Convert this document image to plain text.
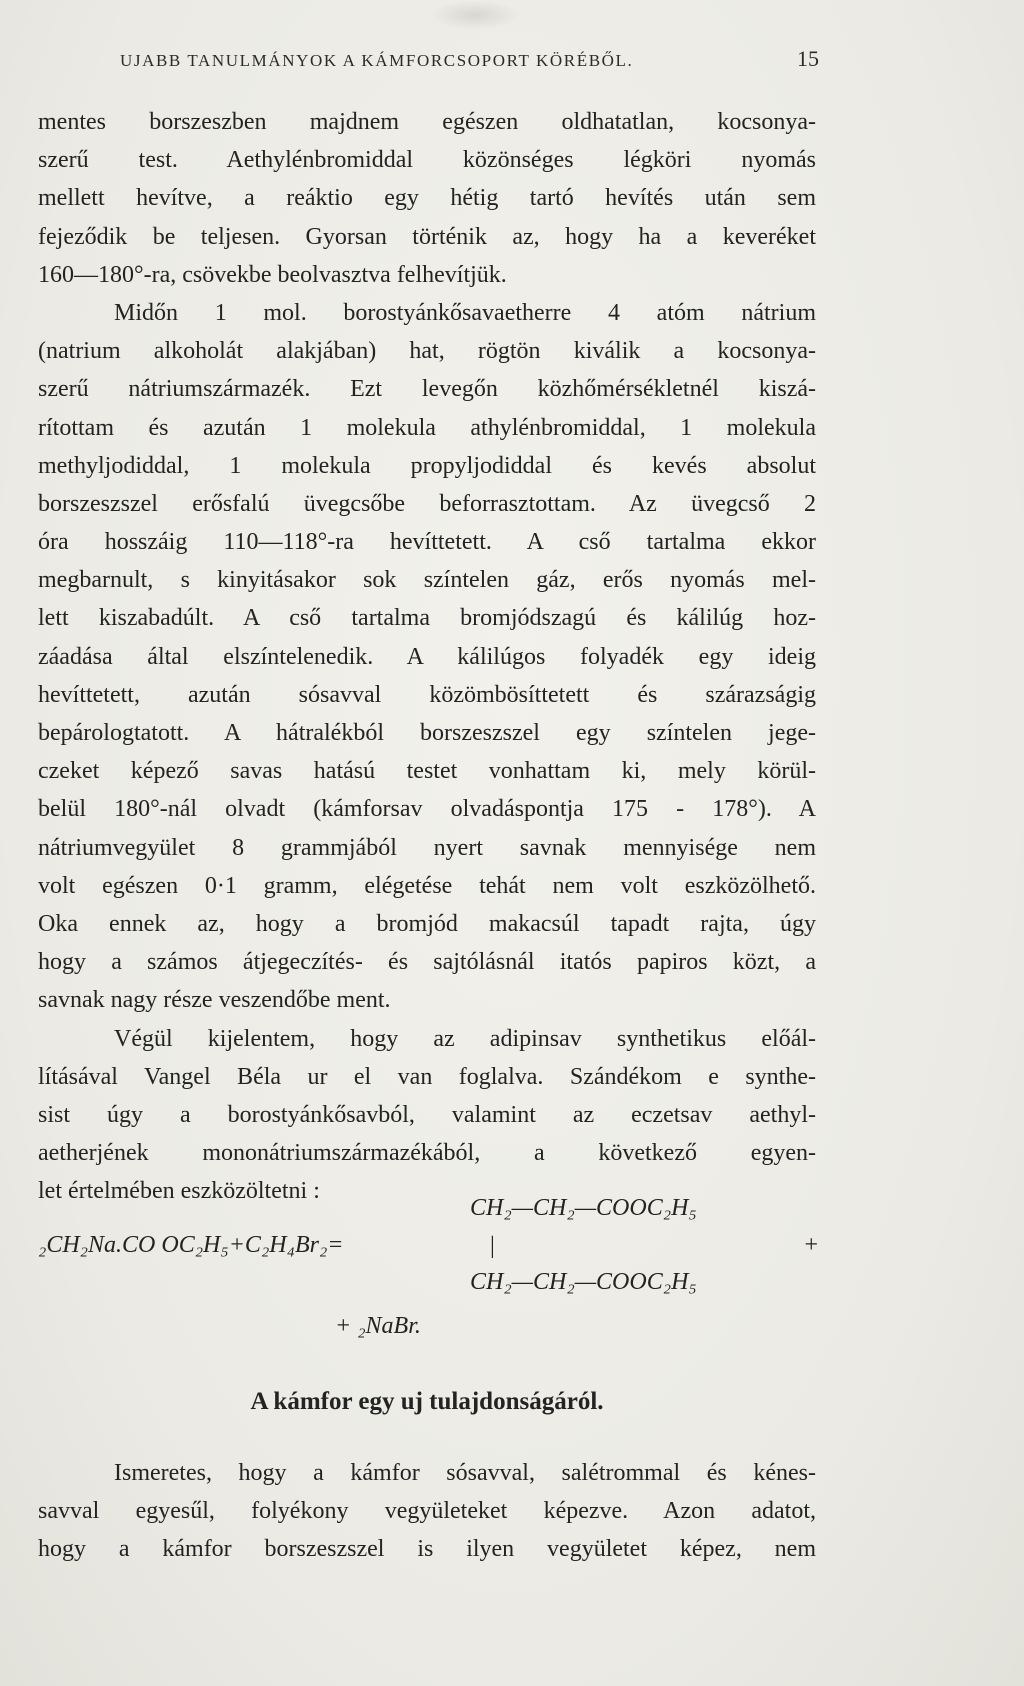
UJABB TANULMÁNYOK A KÁMFORCSOPORT KÖRÉBŐL.	15
mentes borszeszben majdnem egészen oldhatatlan, kocsonya-
szerű test. Aethylénbromiddal közönséges légköri nyomás
mellett hevítve, a reáktio egy hétig tartó hevítés után sem
fejeződik be teljesen. Gyorsan történik az, hogy ha a keveréket
160—180°-ra, csövekbe beolvasztva felhevítjük.
Midőn 1 mol. borostyánkősavaetherre 4 atóm nátrium
(natrium alkoholát alakjában) hat, rögtön kiválik a kocsonya-
szerű nátriumszármazék. Ezt levegőn közhőmérsékletnél kiszá-
rítottam és azután 1 molekula athylénbromiddal, 1 molekula
methyljodiddal, 1 molekula propyljodiddal és kevés absolut
borszeszszel erősfalú üvegcsőbe beforrasztottam. Az üvegcső 2
óra hosszáig 110—118°-ra hevíttetett. A cső tartalma ekkor
megbarnult, s kinyitásakor sok színtelen gáz, erős nyomás mel-
lett kiszabadúlt. A cső tartalma bromjódszagú és kálilúg hoz-
záadása által elszíntelenedik. A kálilúgos folyadék egy ideig
hevíttetett, azután sósavval közömbösíttetett és szárazságig
bepárologtatott. A hátralékból borszeszszel egy színtelen jege-
czeket képező savas hatású testet vonhattam ki, mely körül-
belül 180°-nál olvadt (kámforsav olvadáspontja 175 - 178°). A
nátriumvegyület 8 grammjából nyert savnak mennyisége nem
volt egészen 0·1 gramm, elégetése tehát nem volt eszközölhető.
Oka ennek az, hogy a bromjód makacsúl tapadt rajta, úgy
hogy a számos átjegeczítés- és sajtólásnál itatós papiros közt, a
savnak nagy része veszendőbe ment.
Végül kijelentem, hogy az adipinsav synthetikus előál-
lításával Vangel Béla ur el van foglalva. Szándékom e synthe-
sist úgy a borostyánkősavból, valamint az eczetsav aethyl-
aetherjének mononátriumszármazékából, a következő egyen-
let értelmében eszközöltetni :
CH₂—CH₂—COOC₂H₅
|
CH₂—CH₂—COOC₂H₅
₂CH₂Na.CO OC₂H₅+C₂H₄Br₂=	+
+ ₂NaBr.
A kámfor egy uj tulajdonságáról.
Ismeretes, hogy a kámfor sósavval, salétrommal és kénes-
savval egyesűl, folyékony vegyületeket képezve. Azon adatot,
hogy a kámfor borszeszszel is ilyen vegyületet képez, nem
